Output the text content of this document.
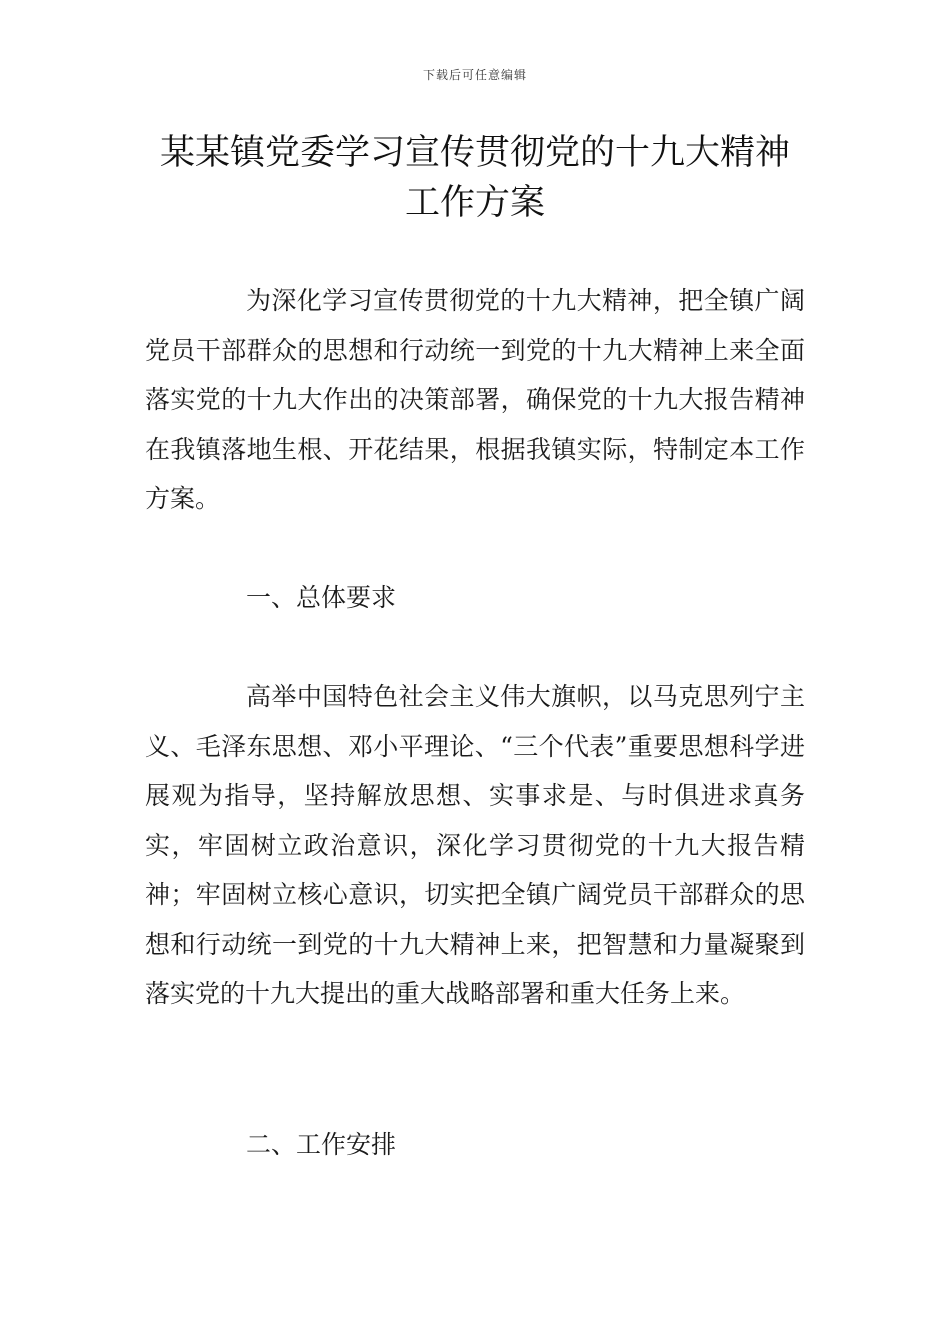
下载后可任意编辑
某某镇党委学习宣传贯彻党的十九大精神
工作方案

为深化学习宣传贯彻党的十九大精神，把全镇广阔党员干部群众的思想和行动统一到党的十九大精神上来全面落实党的十九大作出的决策部署，确保党的十九大报告精神在我镇落地生根、开花结果，根据我镇实际，特制定本工作方案。

一、总体要求

高举中国特色社会主义伟大旗帜，以马克思列宁主义、毛泽东思想、邓小平理论、“三个代表”重要思想科学进展观为指导，坚持解放思想、实事求是、与时俱进求真务实，牢固树立政治意识，深化学习贯彻党的十九大报告精神；牢固树立核心意识，切实把全镇广阔党员干部群众的思想和行动统一到党的十九大精神上来，把智慧和力量凝聚到落实党的十九大提出的重大战略部署和重大任务上来。

二、工作安排
